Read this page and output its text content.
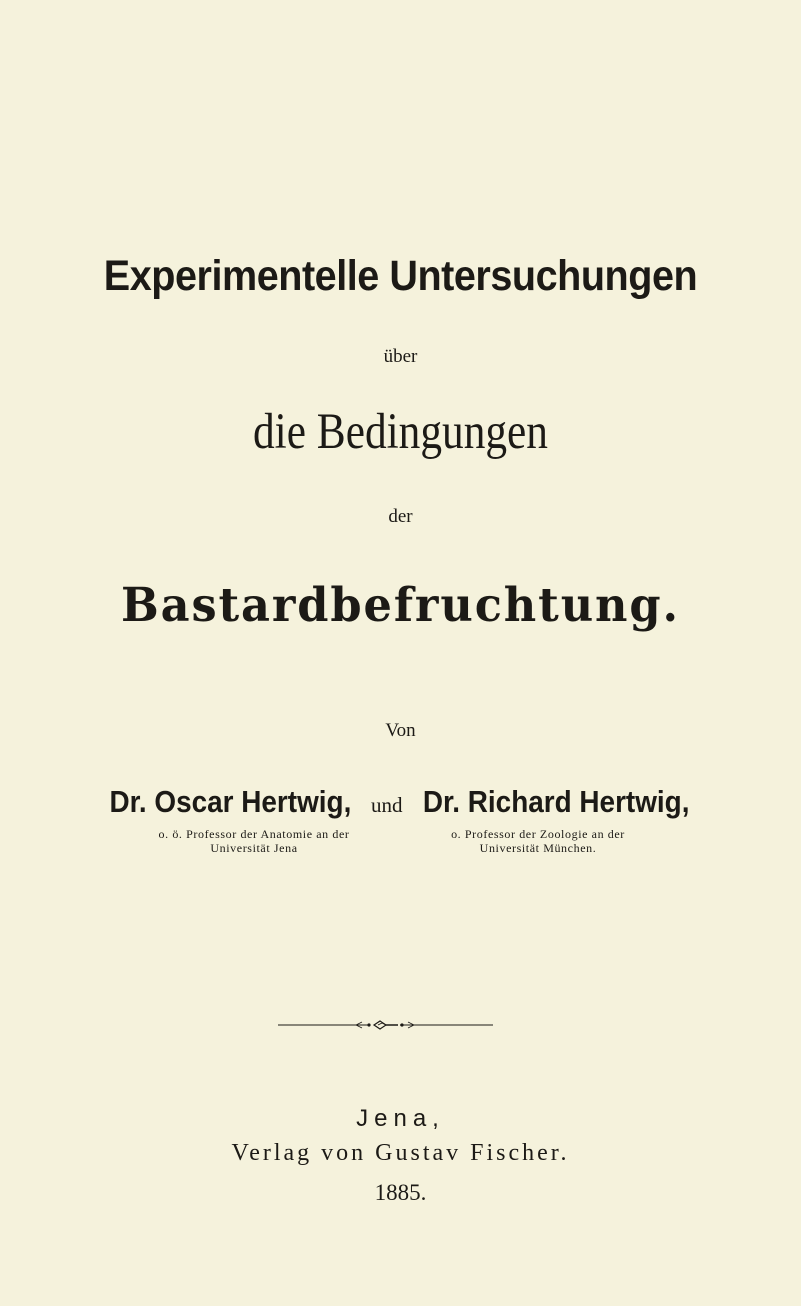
Experimentelle Untersuchungen
über
die Bedingungen
der
Bastardbefruchtung.
Von
Dr. Oscar Hertwig, und Dr. Richard Hertwig,
o. ö. Professor der Anatomie an der
Universität Jena
o. Professor der Zoologie an der
Universität München.
Jena,
Verlag von Gustav Fischer.
1885.
